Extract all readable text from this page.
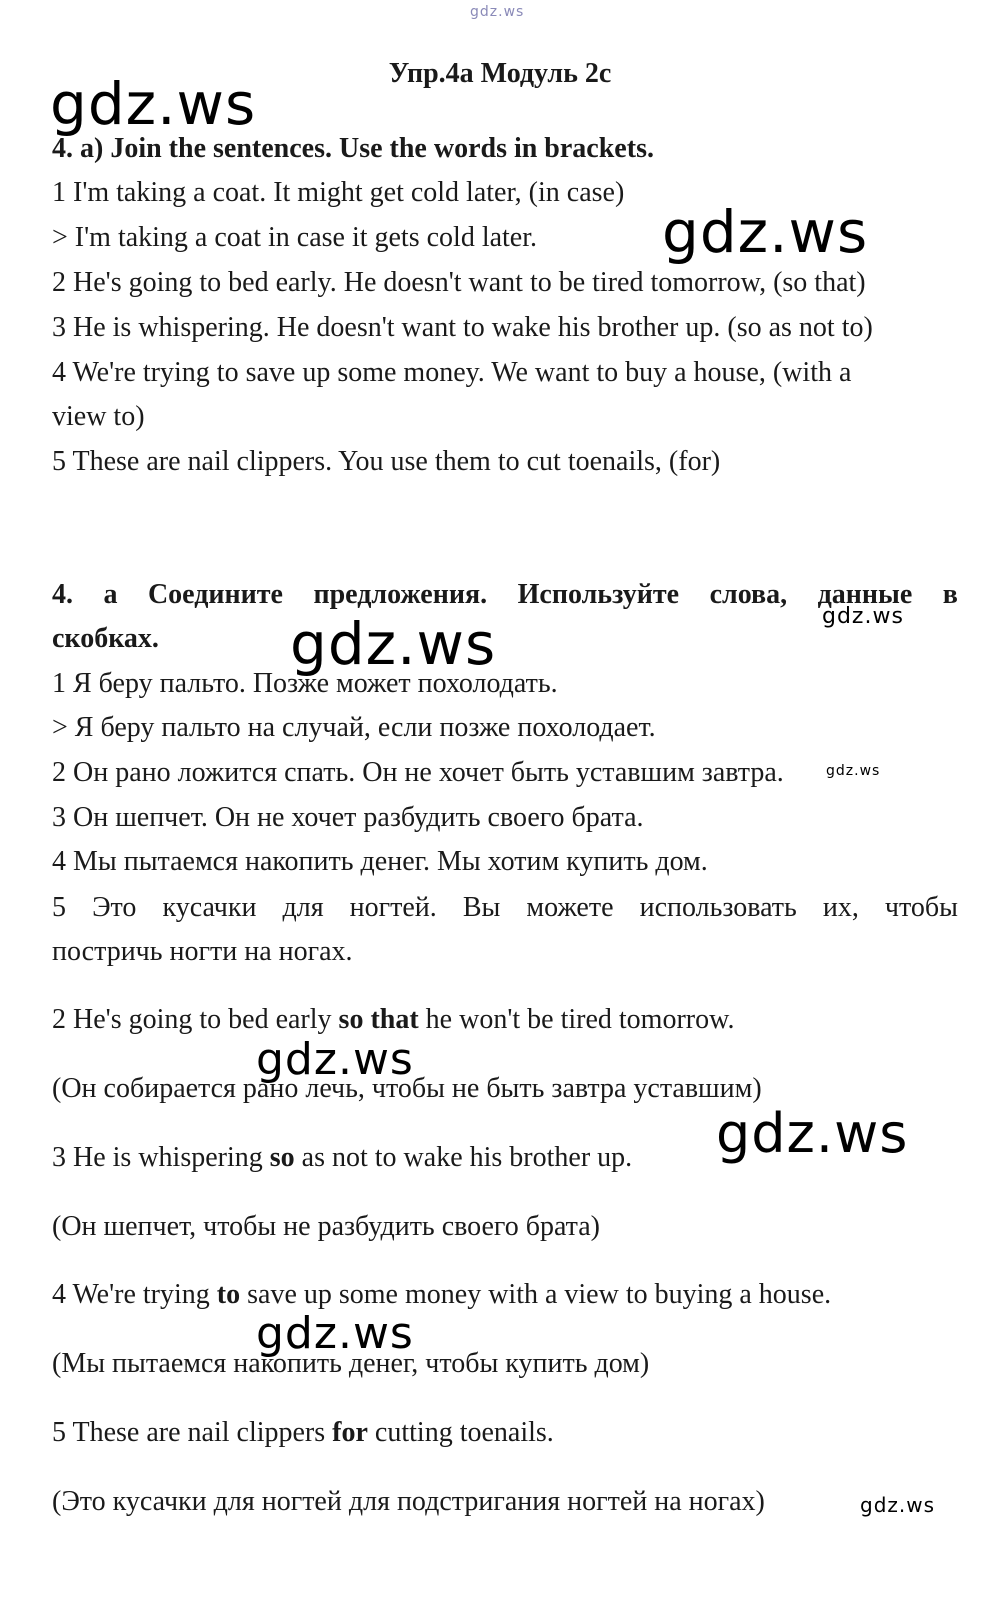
gdz.ws
gdz.ws	Упр.4а Модуль 2с
4. a) Join the sentences. Use the words in brackets.
1 I'm taking a coat. It might get cold later, (in case)
> I'm taking a coat in case it gets cold later.
2 He's going to bed early. He doesn't want to be tired tomorrow, (so that)
3 He is whispering. He doesn't want to wake his brother up. (so as not to)
4 We're trying to save up some money. We want to buy a house, (with a
view to)
5 These are nail clippers. You use them to cut toenails, (for)
gdz.ws
4. а Соедините предложения. Используйте слова, данные в
gdz.ws
скобках. gdz.ws
1 Я беру пальто. Позже может похолодать.
> Я беру пальто на случай, если позже похолодает.
2 Он рано ложится спать. Он не хочет быть уставшим завтра.	gdz.ws
3 Он шепчет. Он не хочет разбудить своего брата.
4 Мы пытаемся накопить денег. Мы хотим купить дом.
5 Это кусачки для ногтей. Вы можете использовать их, чтобы
постричь ногти на ногах.
2 He's going to bed early so that he won't be tired tomorrow.
gdz.ws
(Он собирается рано лечь, чтобы не быть завтра уставшим)
3 He is whispering so as not to wake his brother up. gdz.ws
(Он шепчет, чтобы не разбудить своего брата)
4 We're trying to save up some money with a view to buying a house.
gdz.ws
(Мы пытаемся накопить денег, чтобы купить дом)
5 These are nail clippers for cutting toenails.
(Это кусачки для ногтей для подстригания ногтей на ногах)	gdz.ws
